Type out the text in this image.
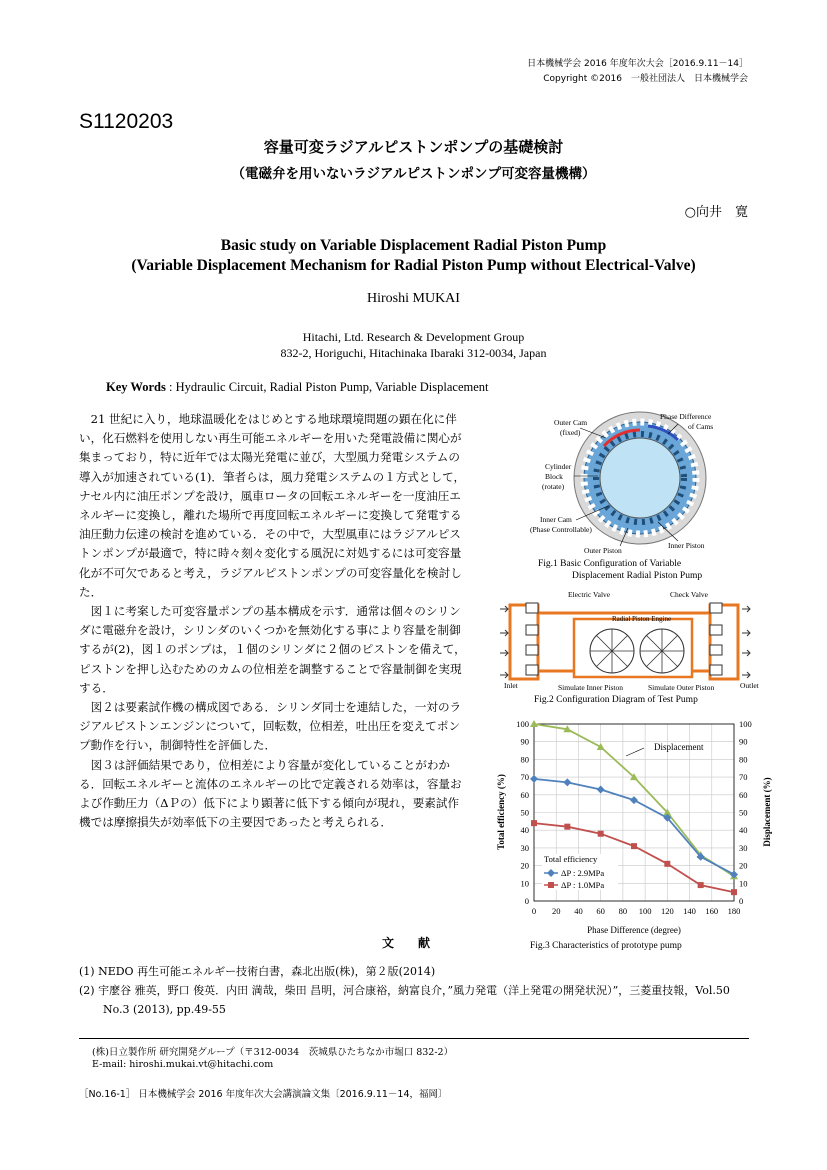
日本機械学会 2016 年度年次大会［2016.9.11－14］
Copyright ©2016　一般社団法人　日本機械学会
S1120203
容量可変ラジアルピストンポンプの基礎検討
（電磁弁を用いないラジアルピストンポンプ可変容量機構）
○向井　寛
Basic study on Variable Displacement Radial Piston Pump
(Variable Displacement Mechanism for Radial Piston Pump without Electrical-Valve)
Hiroshi MUKAI
Hitachi, Ltd. Research & Development Group
832-2, Horiguchi, Hitachinaka Ibaraki 312-0034, Japan
Key Words : Hydraulic Circuit, Radial Piston Pump, Variable Displacement

21 世紀に入り，地球温暖化をはじめとする地球環境問題の顕在化に伴い，化石燃料を使用しない再生可能エネルギーを用いた発電設備に関心が集まっており，特に近年では太陽光発電に並び，大型風力発電システムの導入が加速されている(1)．筆者らは，風力発電システムの１方式として，ナセル内に油圧ポンプを設け，風車ロータの回転エネルギーを一度油圧エネルギーに変換し，離れた場所で再度回転エネルギーに変換して発電する油圧動力伝達の検討を進めている．その中で，大型風車にはラジアルピストンポンプが最適で，特に時々刻々変化する風況に対処するには可変容量化が不可欠であると考え，ラジアルピストンポンプの可変容量化を検討した．

図１に考案した可変容量ポンプの基本構成を示す．通常は個々のシリンダに電磁弁を設け，シリンダのいくつかを無効化する事により容量を制御するが(2)，図１のポンプは，１個のシリンダに２個のピストンを備えて，ピストンを押し込むためのカムの位相差を調整することで容量制御を実現する．

図２は要素試作機の構成図である．シリンダ同士を連結した，一対のラジアルピストンエンジンについて，回転数，位相差，吐出圧を変えてポンプ動作を行い，制御特性を評価した．

図３は評価結果であり，位相差により容量が変化していることがわかる．回転エネルギーと流体のエネルギーの比で定義される効率は，容量および作動圧力（ΔＰの）低下により顕著に低下する傾向が現れ，要素試作機では摩擦損失が効率低下の主要因であったと考えられる．

文　　献
(1) NEDO 再生可能エネルギー技術白書，森北出版(株)，第２版(2014)
(2) 宇麼谷 雅英，野口 俊英．内田 満哉，柴田 昌明，河合康裕，納富良介，”風力発電（洋上発電の開発状況）”，三菱重技報，Vol.50 No.3 (2013), pp.49-55
(株)日立製作所 研究開発グループ（〒312-0034　茨城県ひたちなか市堀口 832-2）
E-mail: hiroshi.mukai.vt@hitachi.com
［No.16-1］ 日本機械学会 2016 年度年次大会講演論文集〔2016.9.11－14，福岡〕
Outer Cam
(fixed)
Phase Difference
of Cams
Cylinder
Block
(rotate)
Inner Cam
(Phase Controllable)
Outer Piston
Inner Piston
Fig.1 Basic Configuration of Variable
Displacement Radial Piston Pump
Electric Valve	Check Valve
Radial Piston Engine
Inlet	Outlet
Simulate Inner Piston	Simulate Outer Piston
Fig.2 Configuration Diagram of Test Pump
0	0
10	10
20	20
30	30
40	40
50	50
60	60
70	70
80	80
90	90
100	100
0 20 40 60 80 100 120 140 160 180
Displacement
Total efficiency
ΔP : 2.9MPa
ΔP : 1.0MPa
Phase Difference (degree)
Total efficiency (%)	Displacement (%)
Fig.3 Characteristics of prototype pump
